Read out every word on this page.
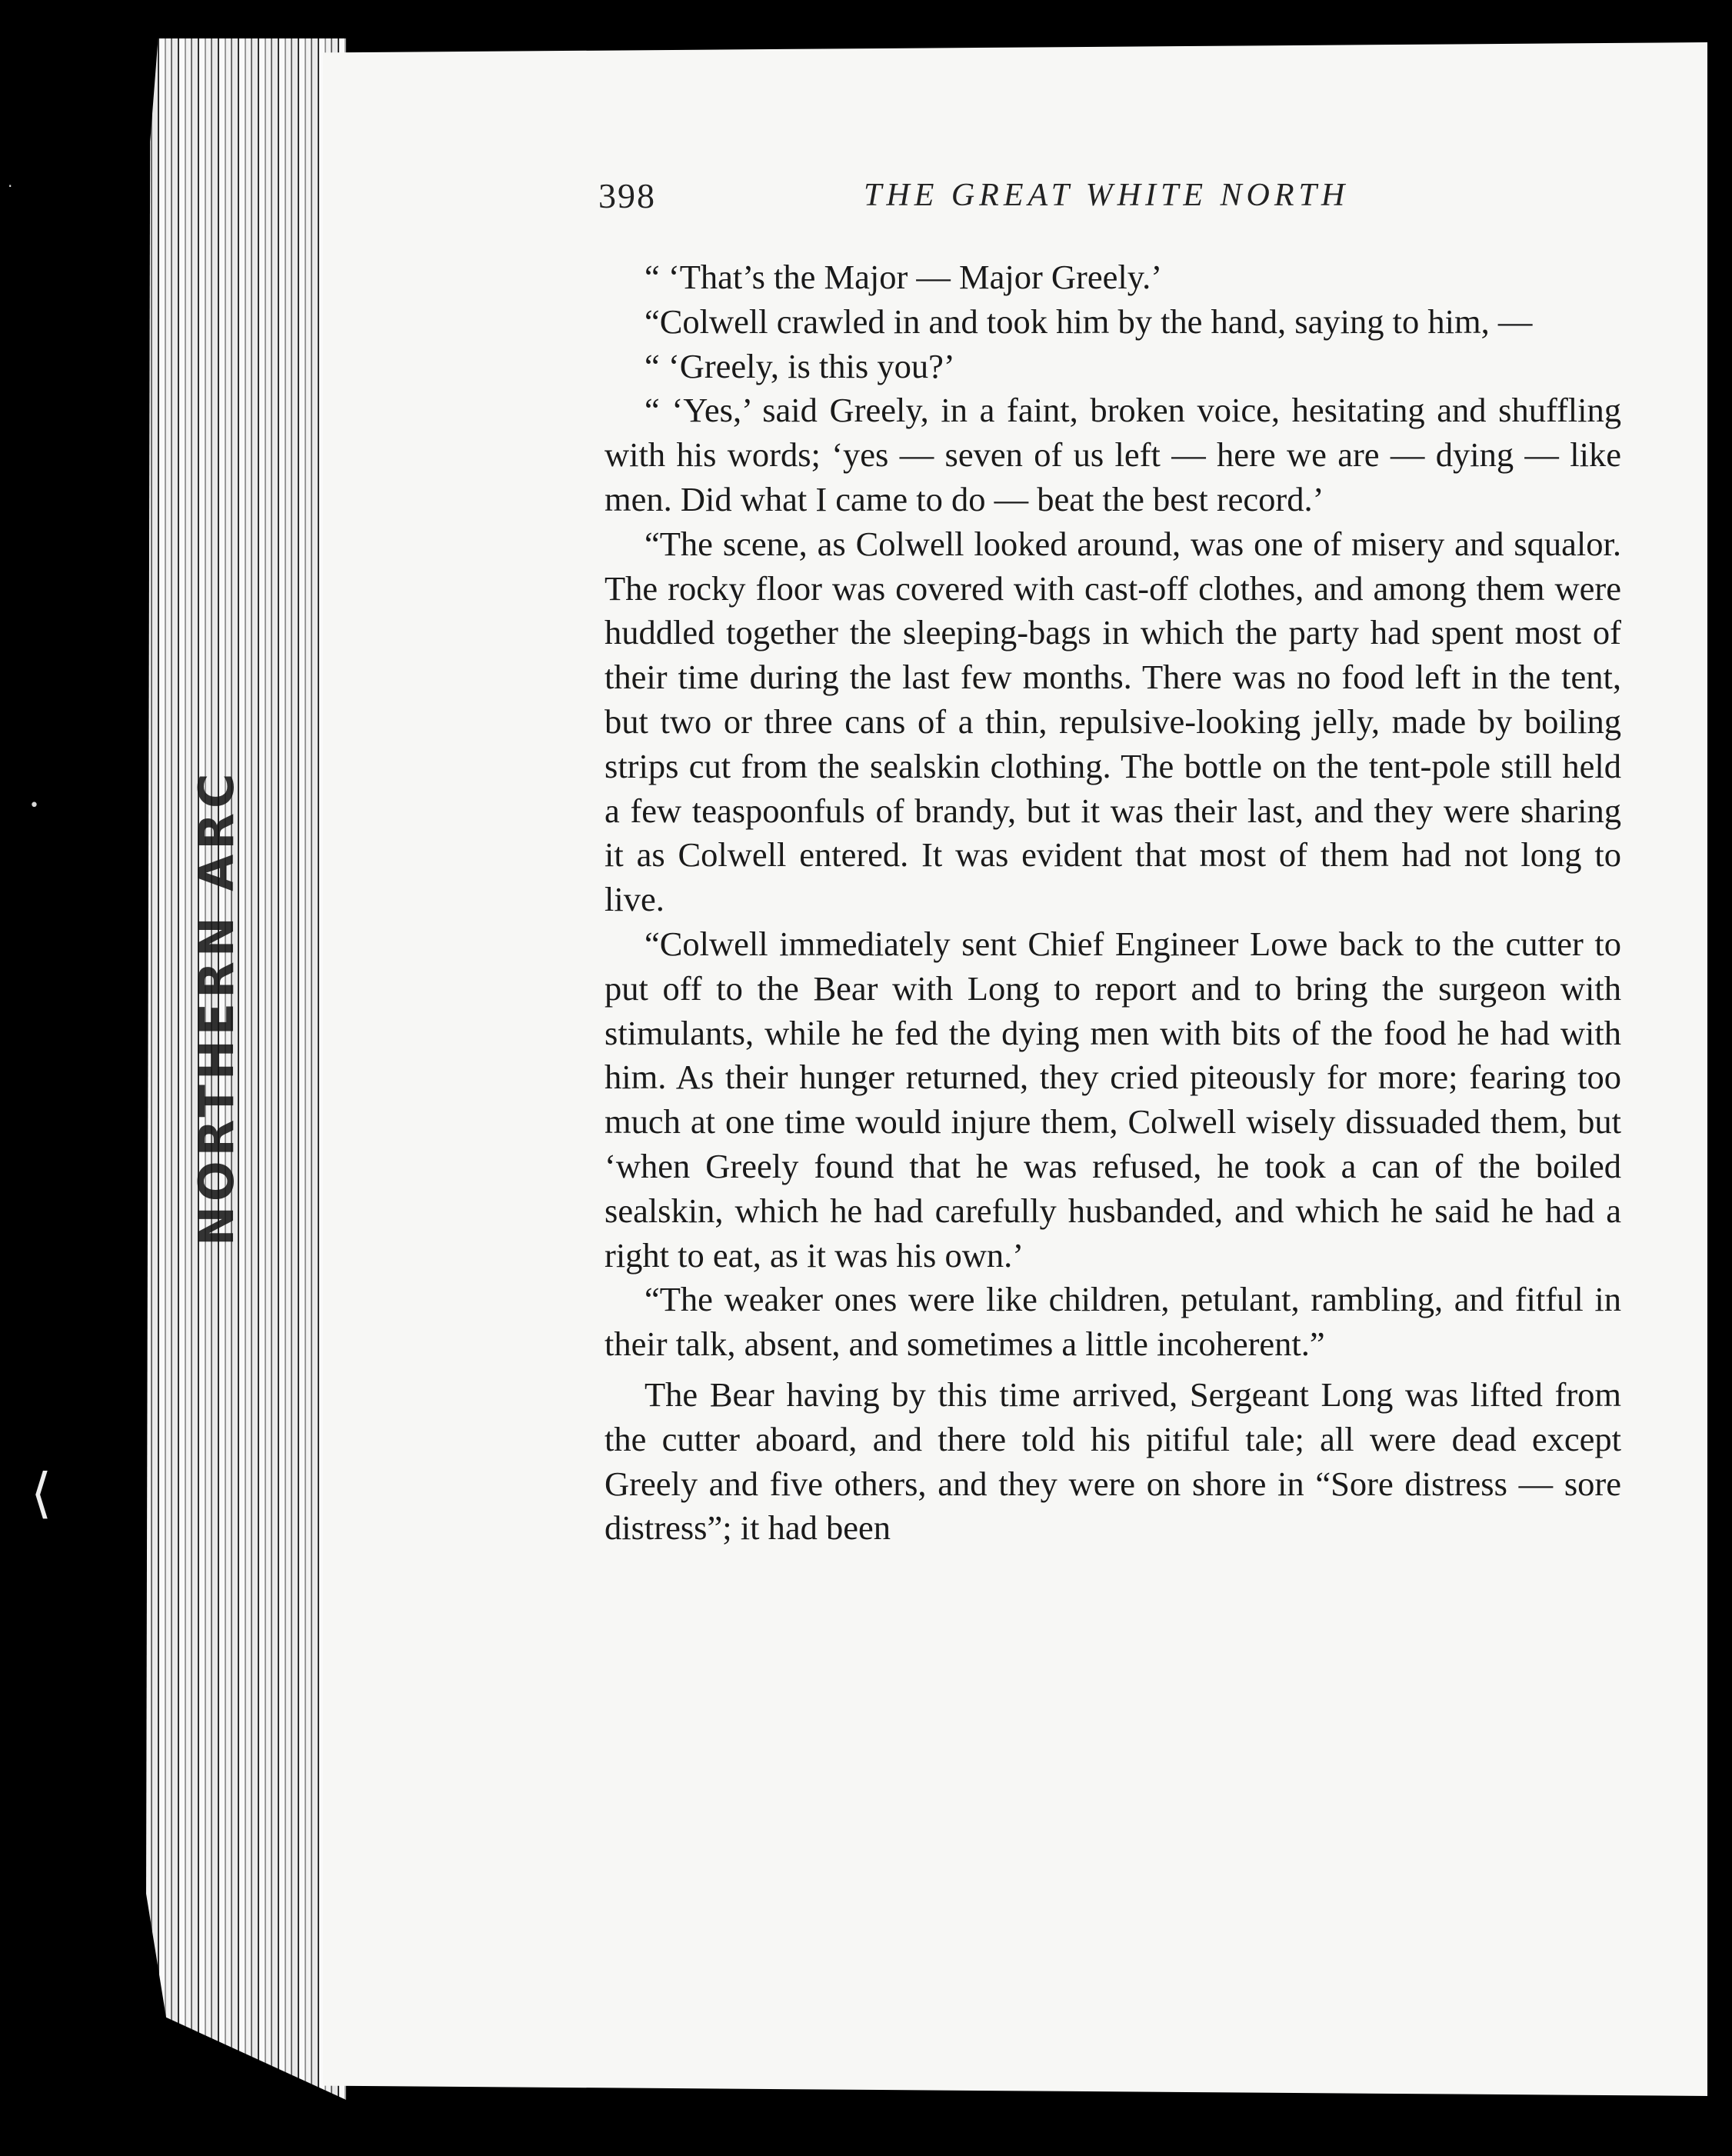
NORTHERN ARC
·
•
⟨
398	THE GREAT WHITE NORTH

“ ‘That’s the Major — Major Greely.’

“Colwell crawled in and took him by the hand, saying to him, —

“ ‘Greely, is this you?’

“ ‘Yes,’ said Greely, in a faint, broken voice, hesitating and shuffling with his words; ‘yes — seven of us left — here we are — dying — like men. Did what I came to do — beat the best record.’

“The scene, as Colwell looked around, was one of misery and squalor. The rocky floor was covered with cast-off clothes, and among them were huddled together the sleeping-bags in which the party had spent most of their time during the last few months. There was no food left in the tent, but two or three cans of a thin, repulsive-looking jelly, made by boiling strips cut from the sealskin clothing. The bottle on the tent-pole still held a few teaspoonfuls of brandy, but it was their last, and they were sharing it as Colwell entered. It was evident that most of them had not long to live.

“Colwell immediately sent Chief Engineer Lowe back to the cutter to put off to the Bear with Long to report and to bring the surgeon with stimulants, while he fed the dying men with bits of the food he had with him. As their hunger returned, they cried piteously for more; fearing too much at one time would injure them, Colwell wisely dissuaded them, but ‘when Greely found that he was refused, he took a can of the boiled sealskin, which he had carefully husbanded, and which he said he had a right to eat, as it was his own.’

“The weaker ones were like children, petulant, rambling, and fitful in their talk, absent, and sometimes a little incoherent.”

The Bear having by this time arrived, Sergeant Long was lifted from the cutter aboard, and there told his pitiful tale; all were dead except Greely and five others, and they were on shore in “Sore distress — sore distress”; it had been
